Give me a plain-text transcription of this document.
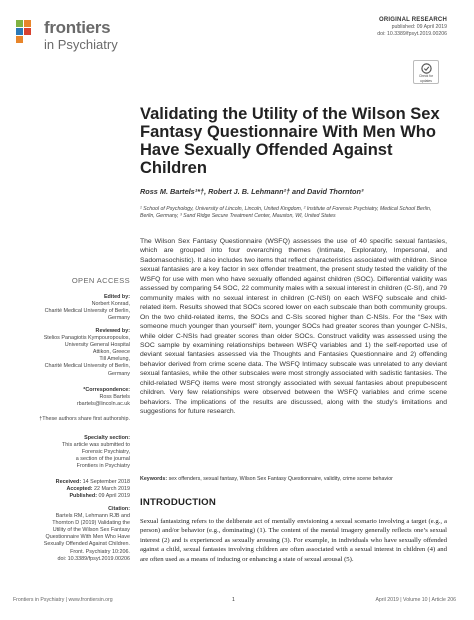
frontiers
in Psychiatry
ORIGINAL RESEARCH
published: 09 April 2019
doi: 10.3389/fpsyt.2019.00206
Check for
updates
Validating the Utility of the Wilson Sex Fantasy Questionnaire With Men Who Have Sexually Offended Against Children
Ross M. Bartels¹*†, Robert J. B. Lehmann²† and David Thornton³
¹ School of Psychology, University of Lincoln, Lincoln, United Kingdom, ² Institute of Forensic Psychiatry, Medical School Berlin,
Berlin, Germany, ³ Sand Ridge Secure Treatment Center, Mauston, WI, United States
The Wilson Sex Fantasy Questionnaire (WSFQ) assesses the use of 40 specific sexual fantasies, which are grouped into four overarching themes (Intimate, Exploratory, Impersonal, and Sadomasochistic). It also includes two items that reflect characteristics associated with children. Since sexual fantasies are a key factor in sex offender treatment, the present study tested the validity of the WSFQ for use with men who have sexually offended against children (SOC). Differential validity was assessed by comparing 54 SOC, 22 community males with a sexual interest in children (C-SI), and 79 community males with no sexual interest in children (C-NSI) on each WSFQ subscale and child-related item. Results showed that SOCs scored lower on each subscale than both community groups. On the two child-related items, the SOCs and C-SIs scored higher than C-NSIs. For the “Sex with someone much younger than yourself” item, younger SOCs had greater scores than younger C-NSIs, while older C-NSIs had greater scores than older SOCs. Construct validity was assessed using the SOC sample by examining relationships between WSFQ variables and 1) the self-reported use of deviant sexual fantasies assessed via the Thoughts and Fantasies Questionnaire and 2) offending behavior derived from crime scene data. The WSFQ Intimacy subscale was unrelated to any deviant sexual fantasies, while the other subscales were most strongly associated with sadistic fantasies. The child-related WSFQ items were most strongly associated with sexual fantasies about prepubescent children. Very few relationships were observed between the WSFQ variables and crime scene behaviors. The implications of the results are discussed, along with the study’s limitations and suggestions for future research.
Keywords: sex offenders, sexual fantasy, Wilson Sex Fantasy Questionnaire, validity, crime scene behavior
INTRODUCTION
Sexual fantasizing refers to the deliberate act of mentally envisioning a sexual scenario involving a target (e.g., a person) and/or behavior (e.g., dominating) (1). The content of the mental imagery generally reflects one’s sexual interest (2) and is experienced as sexually arousing (3). For example, in individuals who have sexually offended against a child, sexual fantasies involving children are often associated with a sexual interest in children (4) and are often used as a means of inducing or enhancing a state of sexual arousal (5).
OPEN ACCESS
Edited by:
Norbert Konrad,
Charité Medical University of Berlin,
Germany
Reviewed by:
Stelios Panagiotis Kympouropoulos,
University General Hospital
Attikon, Greece
Till Amelung,
Charité Medical University of Berlin,
Germany
*Correspondence:
Ross Bartels
rbartels@lincoln.ac.uk
†These authors share first authorship.
Specialty section:
This article was submitted to
Forensic Psychiatry,
a section of the journal
Frontiers in Psychiatry
Received: 14 September 2018
Accepted: 22 March 2019
Published: 09 April 2019
Citation:
Bartels RM, Lehmann RJB and
Thornton D (2019) Validating the
Utility of the Wilson Sex Fantasy
Questionnaire With Men Who Have
Sexually Offended Against Children.
Front. Psychiatry 10:206.
doi: 10.3389/fpsyt.2019.00206
Frontiers in Psychiatry | www.frontiersin.org	1	April 2019 | Volume 10 | Article 206
